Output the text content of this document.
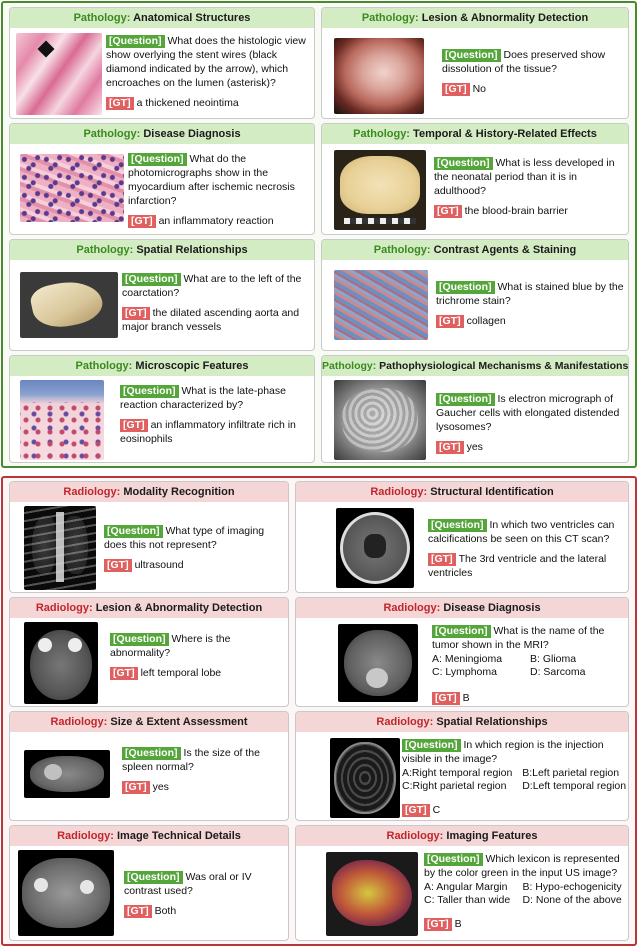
Pathology: Anatomical Structures
[Question] What does the histologic view show overlying the stent wires (black diamond indicated by the arrow), which encroaches on the lumen (asterisk)?
[GT] a thickened neointima
Pathology: Lesion & Abnormality Detection
[Question] Does preserved show dissolution of the tissue?
[GT] No
Pathology: Disease Diagnosis
[Question] What do the photomicrographs show in the myocardium after ischemic necrosis infarction?
[GT] an inflammatory reaction
Pathology: Temporal & History-Related Effects
[Question] What is less developed in the neonatal period than it is in adulthood?
[GT] the blood-brain barrier
Pathology: Spatial Relationships
[Question] What are to the left of the coarctation?
[GT] the dilated ascending aorta and major branch vessels
Pathology: Contrast Agents & Staining
[Question] What is stained blue by the trichrome stain?
[GT] collagen
Pathology: Microscopic Features
[Question] What is the late-phase reaction characterized by?
[GT] an inflammatory infiltrate rich in eosinophils
Pathology: Pathophysiological Mechanisms & Manifestations
[Question] Is electron micrograph of Gaucher cells with elongated distended lysosomes?
[GT] yes
Radiology: Modality Recognition
[Question] What type of imaging does this not represent?
[GT] ultrasound
Radiology: Structural Identification
[Question] In which two ventricles can calcifications be seen on this CT scan?
[GT] The 3rd ventricle and the lateral ventricles
Radiology: Lesion & Abnormality Detection
[Question] Where is the abnormality?
[GT] left temporal lobe
Radiology: Disease Diagnosis
[Question] What is the name of the tumor shown in the MRI?
A: Meningioma	B: Glioma
C: Lymphoma	D: Sarcoma
[GT] B
Radiology: Size & Extent Assessment
[Question] Is the size of the spleen normal?
[GT] yes
Radiology: Spatial Relationships
[Question] In which region is the injection visible in the image?
A:Right temporal region B:Left parietal region
C:Right parietal region	D:Left temporal region
[GT] C
Radiology: Image Technical Details
[Question] Was oral or IV contrast used?
[GT] Both
Radiology: Imaging Features
[Question] Which lexicon is represented by the color green in the input US image?
A: Angular Margin	B: Hypo-echogenicity
C: Taller than wide	D: None of the above
[GT] B
